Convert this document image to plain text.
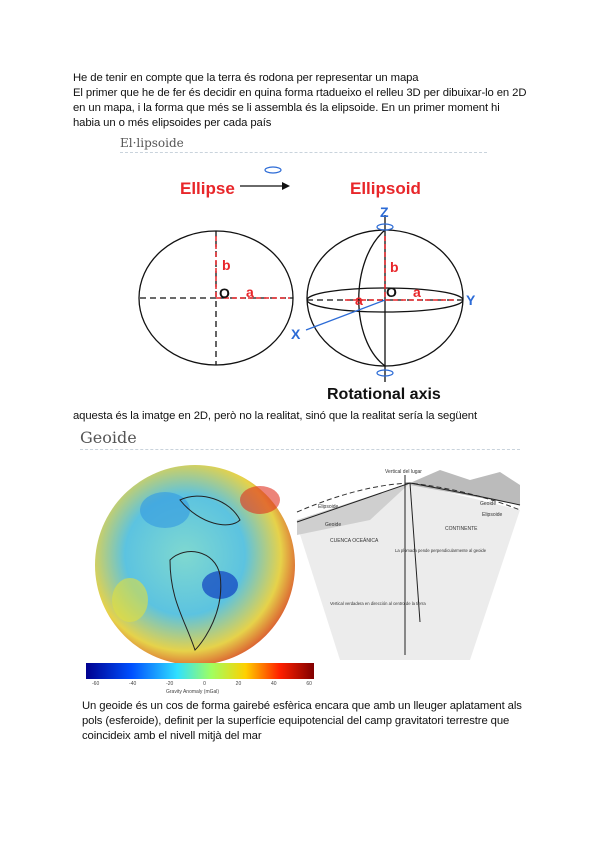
He de tenir en compte que la terra és rodona per representar un mapa
El primer que he de fer és decidir en quina forma rtadueixo el relleu 3D per dibuixar-lo en 2D
en un mapa, i la forma que més se li assembla és la elipsoide. En un primer moment hi
habia un o més elipsoides per cada país
El·lipsoide
Ellipse	Ellipsoid
b
a
O
b
a
a O
Z
Y
X
Rotational axis
Vertical del lugar
Elipsoide
Geoide
Geoide
Elipsoide
CUENCA OCEÁNICA
CONTINENTE
La plomada pende perpendicularmente al geoide
Vertical verdadera en dirección al centro de la tierra
-60	-40	-20	0	20	40	60
Gravity Anomaly (mGal)
aquesta és la imatge en 2D, però no la realitat, sinó que la realitat sería la següent
Geoide
Un geoide és un cos de forma gairebé esfèrica encara que amb un lleuger aplatament als
pols (esferoide), definit per la superfície equipotencial del camp gravitatori terrestre que
coincideix amb el nivell mitjà del mar
